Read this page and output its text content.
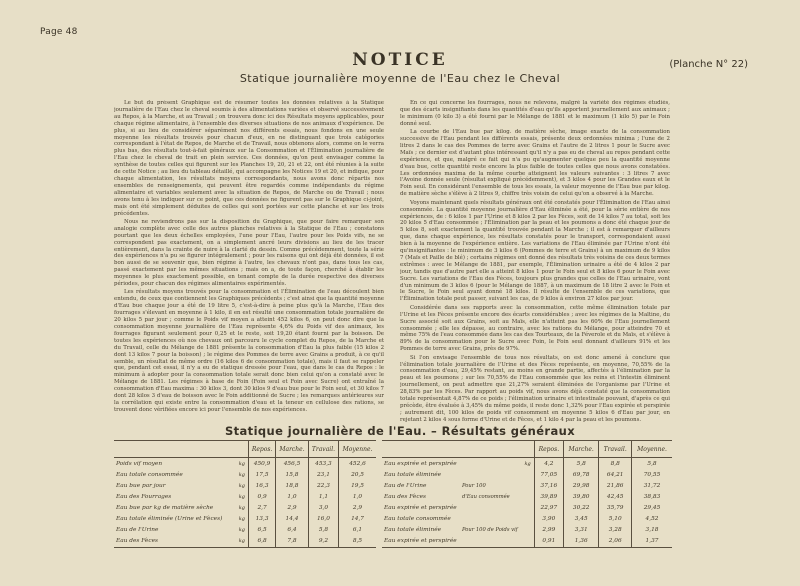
Page 48
NOTICE	(Planche N° 22)
Statique journalière moyenne de l'Eau chez le Cheval

Le but du présent Graphique est de résumer toutes les données relatives à la Statique journalière de l'Eau chez le cheval soumis à des alimentations variées et observé successivement au Repos, à la Marche, et au Travail ; on trouvera donc ici des Résultats moyens applicables, pour chaque régime alimentaire, à l'ensemble des diverses situations de nos animaux d'expérience. De plus, si au lieu de considérer séparément nos différents essais, nous fondons en une seule moyenne les résultats trouvés pour chacun d'eux, en ne distinguant que trois catégories correspondant à l'état de Repos, de Marche et de Travail, nous obtenons alors, comme on le verra plus bas, des résultats tout-à-fait généraux sur la Consommation et l'Élimination journalière de l'Eau chez le cheval de trait en plein service. Ces données, qu'on peut envisager comme la synthèse de toutes celles qui figurent sur les Planches 19, 20, 21 et 22, ont été réunies à la suite de cette Notice ; au lieu du tableau détaillé, qui accompagne les Notices 19 et 20, et indique, pour chaque alimentation, les résultats moyens correspondants, nous avons donc répartis nos ensembles de renseignements, qui peuvent être regardés comme indépendants du régime alimentaire et variables seulement avec la situation de Repos, de Marche ou de Travail ; nous avons tenu à les indiquer sur ce point, que ces données ne figurent pas sur le Graphique ci-joint, mais ont été simplement déduites de celles qui sont portées sur cette planche et sur les trois précédentes.

Nous ne reviendrons pas sur la disposition du Graphique, que pour faire remarquer son analogie complète avec celle des autres planches relatives à la Statique de l'Eau ; constatons pourtant que les deux échelles employées, l'une pour l'Eau, l'autre pour les Poids vifs, ne se correspondent pas exactement, on a simplement ancré leurs divisions au lieu de les tracer entièrement, dans la crainte de nuire à la clarté du dessin. Comme précédemment, toute la série des expériences n'a pu se figurer intégralement ; pour les raisons qui ont déjà été données, il est bon aussi de se souvenir que, bien régime à l'autre, les chevaux n'ont pas, dans tous les cas, passé exactement par les mêmes situations ; mais on a, de toute façon, cherché à établir les moyennes le plus exactement possible, en tenant compte de la durée respective des diverses périodes, pour chacun des régimes alimentaires expérimentés.

Les résultats moyens trouvés pour la consommation et l'Élimination de l'eau découlent bien entendu, de ceux que contiennent les Graphiques précédents ; c'est ainsi que la quantité moyenne d'Eau bue chaque jour a été de 19 litre 5, c'est-à-dire à peine plus qu'à la Marche, l'Eau des fourrages s'élevant en moyenne à 1 kilo, il en est résulté une consommation totale journalière de 20 kilos 5 par jour ; comme le Poids vif moyen a atteint 452 kilos 6, on peut donc dire que la consommation moyenne journalière de l'Eau représente 4,6% du Poids vif des animaux, les fourrages figurant seulement pour 0,25 et le reste, soit 19,20 étant fourni par la boisson. De toutes les expériences où nos chevaux ont parcouru le cycle complet du Repos, de la Marche et du Travail, celle du Mélange de 1881 présente la consommation d'Eau la plus faible (15 kilos 2 dont 13 kilos 7 pour la boisson) ; le régime des Pommes de terre avec Grains a produit, à ce qu'il semble, un résultat de même ordre (16 kilos 6 de consommation totale), mais il faut se rappeler que, pendant cet essai, il n'y a eu de statique dressée pour l'eau, que dans le cas du Repos : le minimum à adopter pour la consommation totale serait donc bien celui qu'on a constaté avec le Mélange de 1881. Les régimes à base de Foin (Foin seul et Foin avec Sucre) ont entraîné la consommation d'Eau maxima : 30 kilos 3, dont 30 kilos 9 d'eau bue pour le Foin seul, et 30 kilos 7 dont 28 kilos 3 d'eau de boisson avec le Foin additionné de Sucre ; les remarques antérieures sur la corrélation qui existe entre la consommation d'eau et la teneur en cellulose des rations, se trouvent donc vérifiées encore ici pour l'ensemble de nos expériences.

En ce qui concerne les fourrages, nous ne relevons, malgré la variété des régimes étudiés, que des écarts insignifiants dans les quantités d'eau qu'ils apportent journellement aux animaux ; le minimum (0 kilo 3) a été fourni par le Mélange de 1881 et le maximum (1 kilo 5) par le Foin donné seul.

La courbe de l'Eau bue par kilog. de matière sèche, image exacte de la consommation successive de l'Eau pendant les différents essais, présente deux ordonnées minima ; l'une de 2 litres 2 dans le cas des Pommes de terre avec Grains et l'autre de 2 litres 1 pour le Sucre avec Maïs ; ce dernier est d'autant plus intéressant qu'il n'y a pas eu de cheval au repos pendant cette expérience, et que, malgré ce fait qui n'a pu qu'augmenter quelque peu la quantité moyenne d'eau bue, cette quantité reste encore la plus faible de toutes celles que nous avons constatées. Les ordonnées maxima de la même courbe atteignent les valeurs suivantes : 3 litres 7 avec l'Avoine donnée seule (résultat expliqué précédemment), et 3 kilos 4 pour les Grandes eaux et le Foin seul. En considérant l'ensemble de tous les essais, la valeur moyenne de l'Eau bue par kilog. de matière sèche s'élève à 2 litres 9, chiffre très voisin de celui qu'on a observé à la Marche.

Voyons maintenant quels résultats généraux ont été constatés pour l'Élimination de l'Eau ainsi consommée. La quantité moyenne journalière d'Eau éliminée a été, pour la série entière de nos expériences, de : 6 kilos 1 par l'Urine et 8 kilos 2 par les Fèces, soit de 14 kilos 7 au total, soit les 20 kilos 5 d'Eau consommée ; l'Élimination par la peau et les poumons a donc été chaque jour de 5 kilos 8, soit exactement la quantité trouvée pendant la Marche ; il est à remarquer d'ailleurs que, dans chaque expérience, les résultats constatés pour le transport, correspondaient aussi bien à la moyenne de l'expérience entière. Les variations de l'Eau éliminée par l'Urine n'ont été qu'insignifiantes : le minimum de 3 kilos 6 (Pommes de terre et Grains) à un maximum de 9 kilos 7 (Maïs et Paille de blé) ; certains régimes ont donné des résultats très voisins de ces deux termes extrêmes : avec le Mélange de 1881, par exemple, l'Élimination urinaire a été de 4 kilos 2 par jour, tandis que d'autre part elle a atteint 8 kilos 1 pour le Foin seul et 8 kilos 6 pour le Foin avec Sucre. Les variations de l'Eau des Fèces, toujours plus grandes que celles de l'Eau urinaire, vont d'un minimum de 3 kilos 6 (pour le Mélange de 1887, à un maximum de 18 litre 2 avec le Foin et le Sucre, le Foin seul ayant donné 18 kilos. Il résulte de l'ensemble de ces variations, que l'Élimination totale peut passer, suivant les cas, de 9 kilos à environ 27 kilos par jour.

Considérée dans ses rapports avec la consommation, cette même élimination totale par l'Urine et les Fèces présente encore des écarts considérables ; avec les régimes de la Maltine, du Sucre associé soit aux Grains, soit au Maïs, elle n'atteint pas les 60% de l'Eau journellement consommée ; elle les dépasse, au contraire, avec les rations du Mélange, pour atteindre 70 et même 75% de l'eau consommée dans les cas des Tourteaux, de la Féverole et du Maïs, et s'élève à 89% de la consommation pour le Sucre avec Foin, le Foin seul donnant d'ailleurs 91% et les Pommes de terre avec Grains, près de 97%.

Si l'on envisage l'ensemble de tous nos résultats, on est donc amené à conclure que l'élimination totale journalière de l'Urine et des Fèces représente, en moyenne, 70,55% de la consommation d'eau, 29,45% restant, au moins en grande partie, affectés à l'élimination par la peau et les poumons ; sur les 70,55% de l'Eau consommée que les reins et l'intestin éliminent journellement, on peut admettre que 21,27% seraient éliminées de l'organisme par l'Urine et 28,83% par les Fèces. Par rapport au poids vif, nous avons déjà constaté que la consommation totale représentait 4,87% de ce poids ; l'élimination urinaire et intestinale pouvant, d'après ce qui précède, être évaluée à 3,45% du même poids, il reste donc 1,32% pour l'Eau expirée et perspirée ; autrement dit, 100 kilos de poids vif consomment en moyenne 5 kilos 6 d'Eau par jour, en rejetant 2 kilos 4 sous forme d'Urine et de Fèces, et 1 kilo 4 par la peau et les poumons.

Statique journalière de l'Eau. – Résultats généraux
		Repos.	Marche.	Travail.	Moyenne.
Poids vif moyen	kg	450,9	456,5	453,3	452,6
Eau totale consommée	kg	17,5	15,8	23,1	20,5
Eau bue par jour	kg	16,3	18,8	22,3	19,5
Eau des Fourrages	kg	0,9	1,0	1,1	1,0
Eau bue par kg de matière sèche	kg	2,7	2,9	3,0	2,9
Eau totale éliminée (Urine et Fèces)	kg	13,3	14,4	16,0	14,7
Eau de l'Urine	kg	6,5	6,4	5,8	6,1
Eau des Fèces	kg	6,8	7,8	9,2	8,5
			Repos.	Marche.	Travail.	Moyenne.
Eau expirée et perspirée		kg	4,2	5,8	8,8	5,8
Eau totale éliminée			77,05	69,78	64,21	70,55
Eau de l'Urine	Pour 100		37,16	29,98	21,86	31,72
Eau des Fèces	d'Eau consommée		39,89	39,80	42,45	38,83
Eau expirée et perspirée			22,97	30,22	35,79	29,45
Eau totale consommée			3,90	3,45	5,10	4,52
Eau totale éliminée	Pour 100 de Poids vif		2,99	3,31	3,28	3,18
Eau expirée et perspirée			0,91	1,36	2,06	1,37
